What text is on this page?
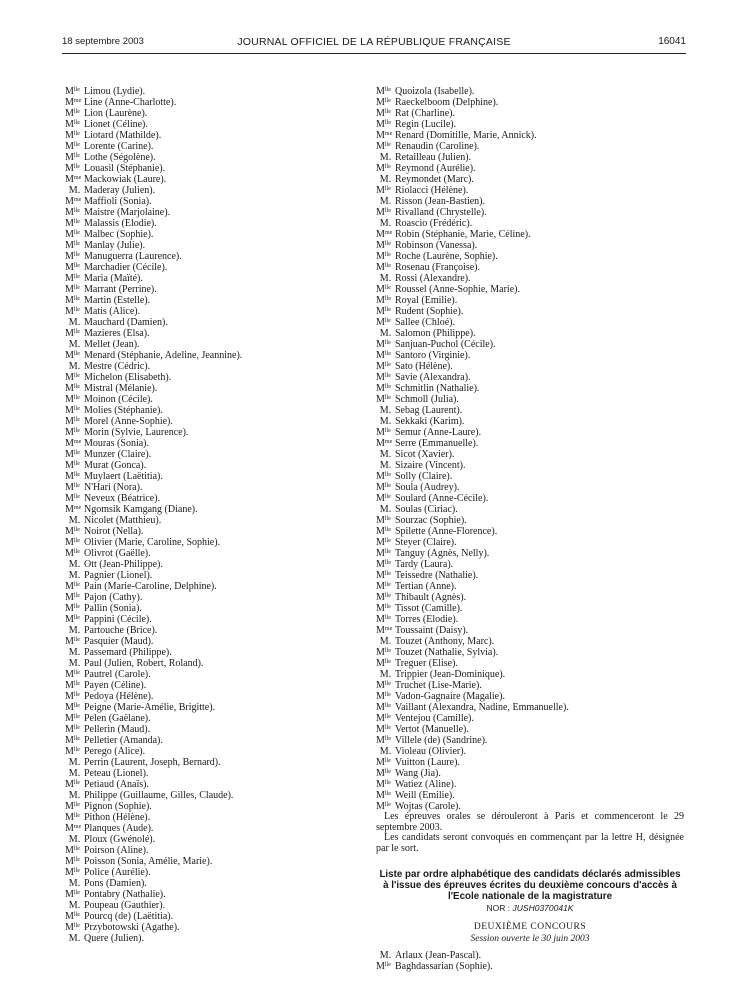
18 septembre 2003	JOURNAL OFFICIEL DE LA RÉPUBLIQUE FRANÇAISE	16041
$M^{lle}$ Limou (Lydie).
$M^{me}$ Line (Anne-Charlotte).
$M^{lle}$ Lion (Laurène).
$M^{lle}$ Lionet (Céline).
$M^{lle}$ Liotard (Mathilde).
$M^{lle}$ Lorente (Carine).
$M^{lle}$ Lothe (Ségolène).
$M^{lle}$ Louasil (Stéphanie).
$M^{me}$ Mackowiak (Laure).
M. Maderay (Julien).
$M^{me}$ Maffioli (Sonia).
$M^{lle}$ Maistre (Marjolaine).
$M^{lle}$ Malassis (Elodie).
$M^{lle}$ Malbec (Sophie).
$M^{lle}$ Manlay (Julie).
$M^{lle}$ Manuguerra (Laurence).
$M^{lle}$ Marchadier (Cécile).
$M^{lle}$ Maria (Maïté).
$M^{lle}$ Marrant (Perrine).
$M^{lle}$ Martin (Estelle).
$M^{lle}$ Matis (Alice).
M. Mauchard (Damien).
$M^{lle}$ Mazieres (Elsa).
M. Mellet (Jean).
$M^{lle}$ Menard (Stéphanie, Adeline, Jeannine).
M. Mestre (Cédric).
$M^{lle}$ Michelon (Elisabeth).
$M^{lle}$ Mistral (Mélanie).
$M^{lle}$ Moinon (Cécile).
$M^{lle}$ Molies (Stéphanie).
$M^{lle}$ Morel (Anne-Sophie).
$M^{lle}$ Morin (Sylvie, Laurence).
$M^{me}$ Mouras (Sonia).
$M^{lle}$ Munzer (Claire).
$M^{lle}$ Murat (Gonca).
$M^{lle}$ Muylaert (Laëtitia).
$M^{lle}$ N'Hari (Nora).
$M^{lle}$ Neveux (Béatrice).
$M^{me}$ Ngomsik Kamgang (Diane).
M. Nicolet (Matthieu).
$M^{lle}$ Noirot (Nella).
$M^{lle}$ Olivier (Marie, Caroline, Sophie).
$M^{lle}$ Olivrot (Gaëlle).
M. Ott (Jean-Philippe).
M. Pagnier (Lionel).
$M^{lle}$ Pain (Marie-Caroline, Delphine).
$M^{lle}$ Pajon (Cathy).
$M^{lle}$ Pallin (Sonia).
$M^{lle}$ Pappini (Cécile).
M. Partouche (Brice).
$M^{lle}$ Pasquier (Maud).
M. Passemard (Philippe).
M. Paul (Julien, Robert, Roland).
$M^{lle}$ Pautrel (Carole).
$M^{lle}$ Payen (Céline).
$M^{lle}$ Pedoya (Hélène).
$M^{lle}$ Peigne (Marie-Amélie, Brigitte).
$M^{lle}$ Pelen (Gaëlane).
$M^{lle}$ Pellerin (Maud).
$M^{lle}$ Pelletier (Amanda).
$M^{lle}$ Perego (Alice).
M. Perrin (Laurent, Joseph, Bernard).
M. Peteau (Lionel).
$M^{lle}$ Petiaud (Anaïs).
M. Philippe (Guillaume, Gilles, Claude).
$M^{lle}$ Pignon (Sophie).
$M^{lle}$ Pithon (Hélène).
$M^{me}$ Planques (Aude).
M. Ploux (Gwénolé).
$M^{lle}$ Poirson (Aline).
$M^{lle}$ Poisson (Sonia, Amélie, Marie).
$M^{lle}$ Police (Aurélie).
M. Pons (Damien).
$M^{lle}$ Pontabry (Nathalie).
M. Poupeau (Gauthier).
$M^{lle}$ Pourcq (de) (Laëtitia).
$M^{lle}$ Przybotowski (Agathe).
M. Quere (Julien).
$M^{lle}$ Quoizola (Isabelle).
$M^{lle}$ Raeckelboom (Delphine).
$M^{lle}$ Rat (Charline).
$M^{lle}$ Regin (Lucile).
$M^{me}$ Renard (Domitille, Marie, Annick).
$M^{lle}$ Renaudin (Caroline).
M. Retailleau (Julien).
$M^{lle}$ Reymond (Aurélie).
M. Reymondet (Marc).
$M^{lle}$ Riolacci (Hélène).
M. Risson (Jean-Bastien).
$M^{lle}$ Rivalland (Chrystelle).
M. Roascio (Frédéric).
$M^{me}$ Robin (Stéphanie, Marie, Céline).
$M^{lle}$ Robinson (Vanessa).
$M^{lle}$ Roche (Laurène, Sophie).
$M^{lle}$ Rosenau (Françoise).
M. Rossi (Alexandre).
$M^{lle}$ Roussel (Anne-Sophie, Marie).
$M^{lle}$ Royal (Emilie).
$M^{lle}$ Rudent (Sophie).
$M^{lle}$ Sallee (Chloé).
M. Salomon (Philippe).
$M^{lle}$ Sanjuan-Puchol (Cécile).
$M^{lle}$ Santoro (Virginie).
$M^{lle}$ Sato (Hélène).
$M^{lle}$ Savie (Alexandra).
$M^{lle}$ Schmitlin (Nathalie).
$M^{lle}$ Schmoll (Julia).
M. Sebag (Laurent).
M. Sekkaki (Karim).
$M^{lle}$ Semur (Anne-Laure).
$M^{me}$ Serre (Emmanuelle).
M. Sicot (Xavier).
M. Sizaire (Vincent).
$M^{lle}$ Solly (Claire).
$M^{lle}$ Soula (Audrey).
$M^{lle}$ Soulard (Anne-Cécile).
M. Soulas (Ciriac).
$M^{lle}$ Sourzac (Sophie).
$M^{lle}$ Spilette (Anne-Florence).
$M^{lle}$ Steyer (Claire).
$M^{lle}$ Tanguy (Agnès, Nelly).
$M^{lle}$ Tardy (Laura).
$M^{lle}$ Teissedre (Nathalie).
$M^{lle}$ Tertian (Anne).
$M^{lle}$ Thibault (Agnès).
$M^{lle}$ Tissot (Camille).
$M^{lle}$ Torres (Elodie).
$M^{me}$ Toussaint (Daisy).
M. Touzet (Anthony, Marc).
$M^{lle}$ Touzet (Nathalie, Sylvia).
$M^{lle}$ Treguer (Elise).
M. Trippier (Jean-Dominique).
$M^{lle}$ Truchet (Lise-Marie).
$M^{lle}$ Vadon-Gagnaire (Magalie).
$M^{lle}$ Vaillant (Alexandra, Nadine, Emmanuelle).
$M^{lle}$ Ventejou (Camille).
$M^{lle}$ Vertot (Manuelle).
$M^{lle}$ Villele (de) (Sandrine).
M. Violeau (Olivier).
$M^{lle}$ Vuitton (Laure).
$M^{lle}$ Wang (Jia).
$M^{lle}$ Watiez (Aline).
$M^{lle}$ Weill (Emilie).
$M^{lle}$ Wojtas (Carole).

Les épreuves orales se dérouleront à Paris et commenceront le 29 septembre 2003.

Les candidats seront convoqués en commençant par la lettre H, désignée par le sort.

Liste par ordre alphabétique des candidats déclarés admissibles à l'issue des épreuves écrites du deuxième concours d'accès à l'Ecole nationale de la magistrature
NOR : JUSH0370041K
DEUXIÈME CONCOURS
Session ouverte le 30 juin 2003
M. Arlaux (Jean-Pascal).
$M^{lle}$ Baghdassarian (Sophie).
